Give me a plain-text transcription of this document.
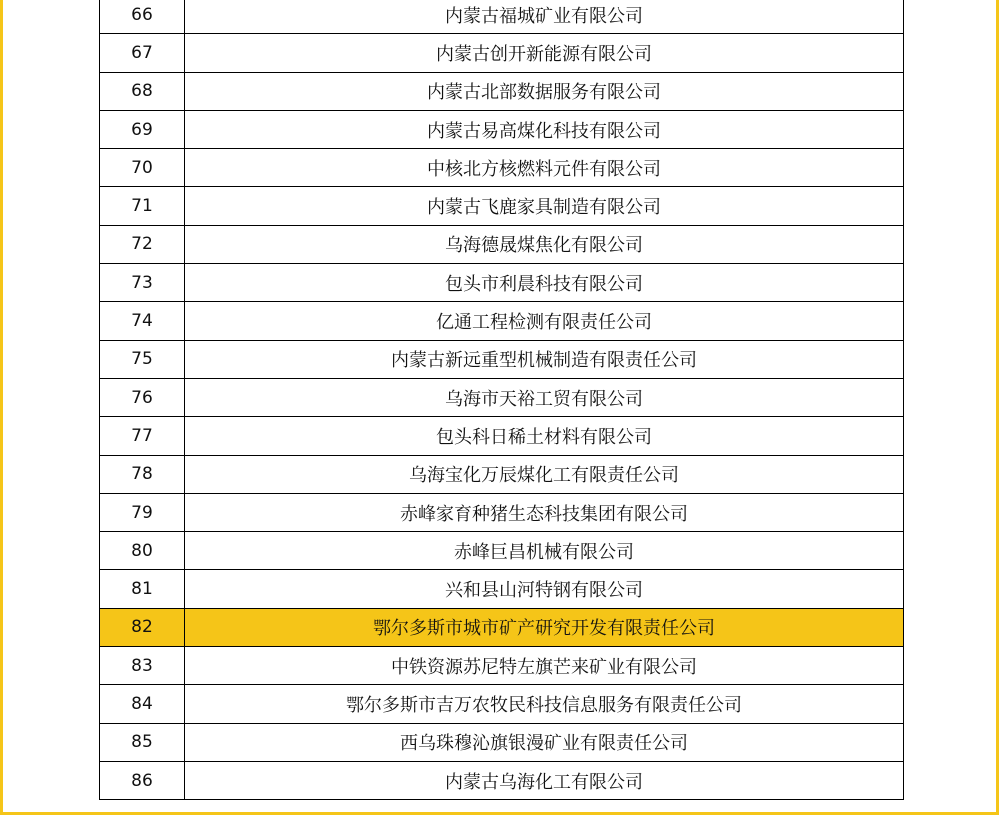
66	内蒙古福城矿业有限公司
67	内蒙古创开新能源有限公司
68	内蒙古北部数据服务有限公司
69	内蒙古易高煤化科技有限公司
70	中核北方核燃料元件有限公司
71	内蒙古飞鹿家具制造有限公司
72	乌海德晟煤焦化有限公司
73	包头市利晨科技有限公司
74	亿通工程检测有限责任公司
75	内蒙古新远重型机械制造有限责任公司
76	乌海市天裕工贸有限公司
77	包头科日稀土材料有限公司
78	乌海宝化万辰煤化工有限责任公司
79	赤峰家育种猪生态科技集团有限公司
80	赤峰巨昌机械有限公司
81	兴和县山河特钢有限公司
82	鄂尔多斯市城市矿产研究开发有限责任公司
83	中铁资源苏尼特左旗芒来矿业有限公司
84	鄂尔多斯市吉万农牧民科技信息服务有限责任公司
85	西乌珠穆沁旗银漫矿业有限责任公司
86	内蒙古乌海化工有限公司
